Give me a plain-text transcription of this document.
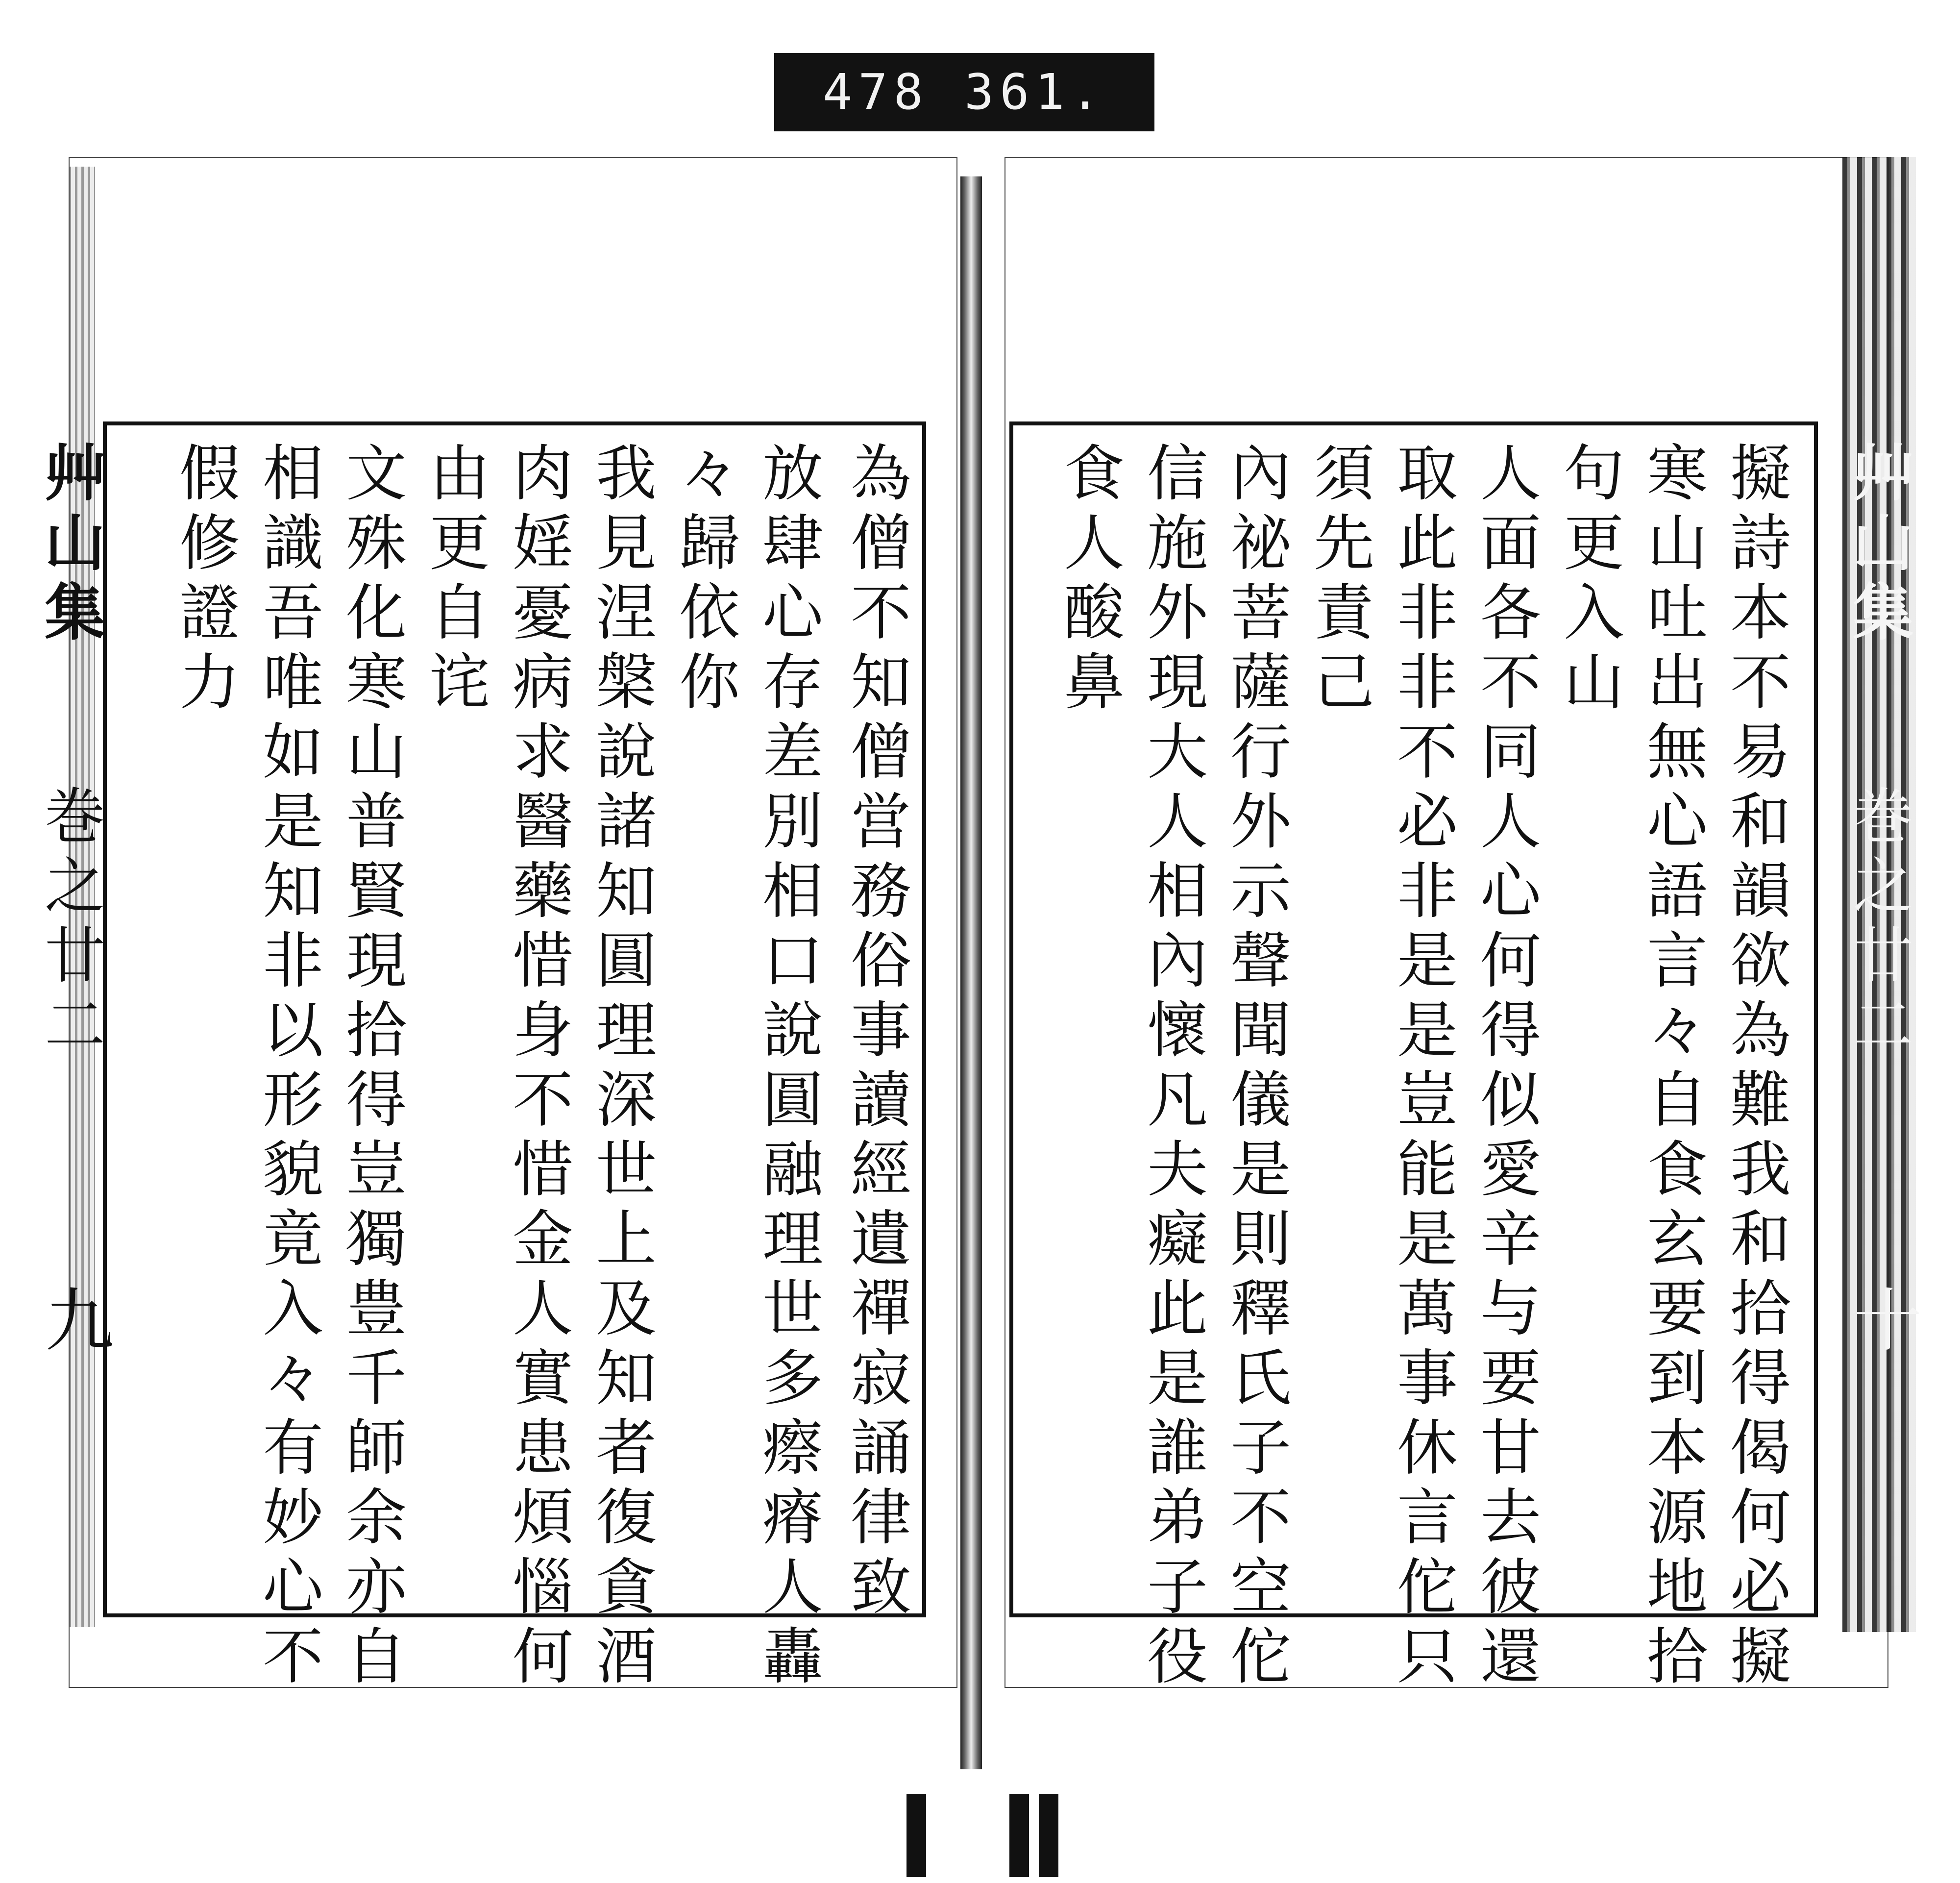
478 361.
艸山集
巻之廿二
九	為僧不知僧営務俗事讀經遺禪寂誦律致
放肆心存差別相口說圓融理世多瘵瘠人轟
々歸依你
我見涅槃說諸知圓理深世上及知者復貪酒
肉婬憂病求醫藥惜身不惜金人實患煩惱何
由更自诧
文殊化寒山普賢現拾得豈獨豊千師余亦自
相識吾唯如是知非以形貌竟入々有妙心不
假修證力	擬詩本不易和韻欲為難我和拾得偈何必擬
寒山吐出無心語言々自食玄要到本源地拾
句更入山
人面各不同人心何得似愛辛与要甘去彼還
取此非非不必非是是豈能是萬事休言佗只
須先責己
內祕菩薩行外示聲聞儀是則釋氏子不空佗
信施外現大人相內懷凡夫癡此是誰弟子役
食人酸鼻	艸山集
巻之廿二
十
